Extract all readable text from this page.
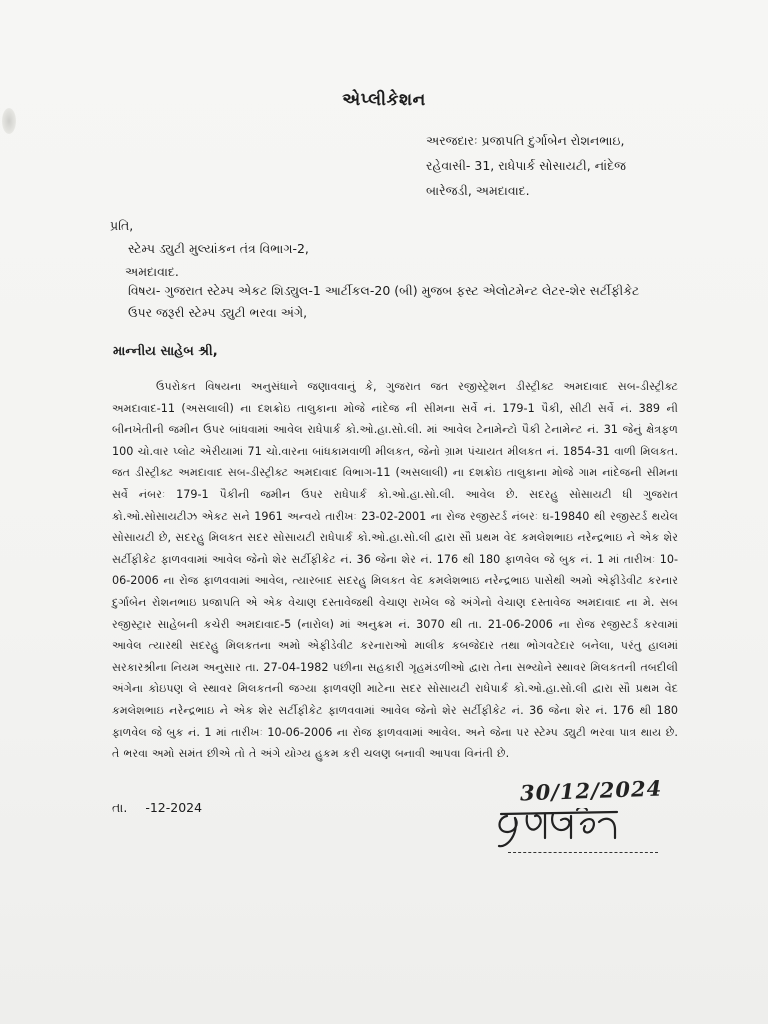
એપ્લીકેશન
અરજદારઃ પ્રજાપતિ દુર્ગાબેન રોશનભાઇ,
રહેવાસી- 31, રાધેપાર્ક સોસાયટી, નાંદેજ
બારેજડી, અમદાવાદ.
પ્રતિ,
સ્ટેમ્પ ડ્યુટી મુલ્યાંકન તંત્ર વિભાગ-2,
અમદાવાદ.
વિષય- ગુજરાત સ્ટેમ્પ એકટ શિડ્યુલ-1 આર્ટીકલ-20 (બી) મુજબ ફસ્ટ એલોટમેન્ટ લેટર-શેર સર્ટીફીકેટ
ઉપર જરૂરી સ્ટેમ્પ ડ્યુટી ભરવા અંગે,
માન્નીય સાહેબ શ્રી,
ઉપરોકત વિષયના અનુસંધાને જણાવવાનું કે, ગુજરાત જત રજીસ્ટ્રેશન ડીસ્ટ્રીક્ટ અમદાવાદ સબ-ડીસ્ટ્રીક્ટ અમદાવાદ-11 (અસલાલી) ના દશક્રોઇ તાલુકાના મોજે નાંદેજ ની સીમના સર્વે નં. 179-1 પૈકી, સીટી સર્વે નં. 389 ની બીનખેતીની જમીન ઉપર બાંધવામાં આવેલ રાધેપાર્ક કો.ઓ.હા.સો.લી. માં આવેલ ટેનામેન્ટો પૈકી ટેનામેન્ટ નં. 31 જેનું ક્ષેત્રફળ 100 ચો.વાર પ્લોટ એરીયામાં 71 ચો.વારના બાંધકામવાળી મીલકત, જેનો ગ્રામ પંચાયત મીલકત નં. 1854-31 વાળી મિલકત. જત ડીસ્ટ્રીક્ટ અમદાવાદ સબ-ડીસ્ટ્રીક્ટ અમદાવાદ વિભાગ-11 (અસલાલી) ના દશક્રોઇ તાલુકાના મોજે ગામ નાંદેજની સીમના સર્વે નંબરઃ 179-1 પૈકીની જમીન ઉપર રાધેપાર્ક કો.ઓ.હા.સો.લી. આવેલ છે. સદરહુ સોસાયટી ધી ગુજરાત કો.ઓ.સોસાયટીઝ એકટ સને 1961 અન્વયે તારીખઃ 23-02-2001 ના રોજ રજીસ્ટર્ડ નંબરઃ ઘ-19840 થી રજીસ્ટર્ડ થયેલ સોસાયટી છે, સદરહુ મિલકત સદર સોસાયટી રાધેપાર્ક કો.ઓ.હા.સો.લી દ્વારા સૌ પ્રથમ વેદ કમલેશભાઇ નરેન્દ્રભાઇ ને એક શેર સર્ટીફીકેટ ફાળવવામાં આવેલ જેનો શેર સર્ટીફીકેટ નં. 36 જેના શેર નં. 176 થી 180 ફાળવેલ જે બુક નં. 1 માં તારીખઃ 10-06-2006 ના રોજ ફાળવવામાં આવેલ, ત્યારબાદ સદરહુ મિલકત વેદ કમલેશભાઇ નરેન્દ્રભાઇ પાસેથી અમો એફીડેવીટ કરનાર દુર્ગાબેન રોશનભાઇ પ્રજાપતિ એ એક વેચાણ દસ્તાવેજથી વેચાણ રાખેલ જે અંગેનો વેચાણ દસ્તાવેજ અમદાવાદ ના મે. સબ રજીસ્ટ્રાર સાહેબની કચેરી અમદાવાદ-5 (નારોલ) માં અનુક્રમ નં. 3070 થી તા. 21-06-2006 ના રોજ રજીસ્ટર્ડ કરવામાં આવેલ ત્યારથી સદરહુ મિલકતના અમો એફીડેવીટ કરનારાઓ માલીક કબજેદાર તથા ભોગવટેદાર બનેલા, પરંતુ હાલમાં સરકારશ્રીના નિયમ અનુસાર તા. 27-04-1982 પછીના સહકારી ગૃહમંડળીઓ દ્વારા તેના સભ્યોને સ્થાવર મિલકતની તબદીલી અંગેના કોઇપણ લે સ્થાવર મિલકતની જગ્યા ફાળવણી માટેના સદર સોસાયટી રાધેપાર્ક કો.ઓ.હા.સો.લી દ્વારા સૌ પ્રથમ વેદ કમલેશભાઇ નરેન્દ્રભાઇ ને એક શેર સર્ટીફીકેટ ફાળવવામાં આવેલ જેનો શેર સર્ટીફીકેટ નં. 36 જેના શેર નં. 176 થી 180 ફાળવેલ જે બુક નં. 1 માં તારીખઃ 10-06-2006 ના રોજ ફાળવવામાં આવેલ. અને જેના પર સ્ટેમ્પ ડ્યુટી ભરવા પાત્ર થાય છે. તે ભરવા અમો સમંત છીએ તો તે અંગે યોગ્ય હુકમ કરી ચલણ બનાવી આપવા વિનંતી છે.
30/12/2024
તા. -12-2024
